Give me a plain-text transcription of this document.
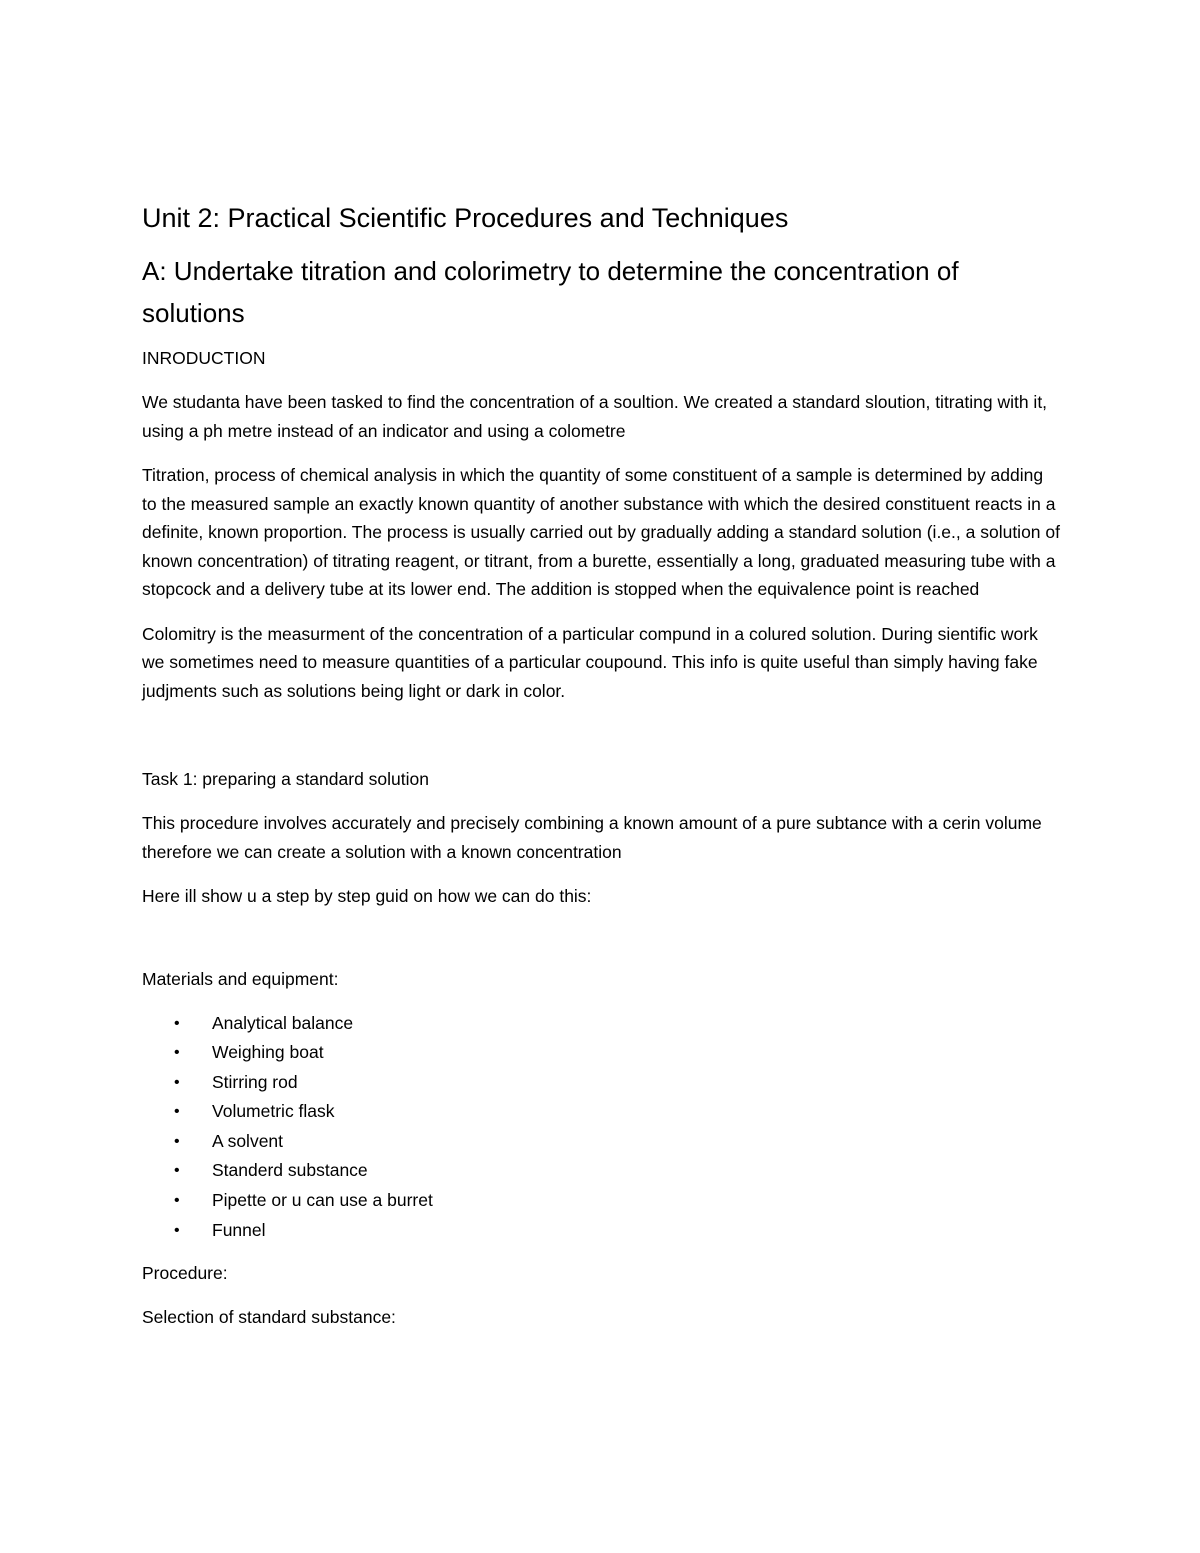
Unit 2: Practical Scientific Procedures and Techniques
A: Undertake titration and colorimetry to determine the concentration of solutions

INRODUCTION

We studanta have been tasked to find the concentration of a soultion. We created a standard sloution, titrating with it, using a ph metre instead of an indicator and using a colometre

Titration, process of chemical analysis in which the quantity of some constituent of a sample is determined by adding to the measured sample an exactly known quantity of another substance with which the desired constituent reacts in a definite, known proportion. The process is usually carried out by gradually adding a standard solution (i.e., a solution of known concentration) of titrating reagent, or titrant, from a burette, essentially a long, graduated measuring tube with a stopcock and a delivery tube at its lower end. The addition is stopped when the equivalence point is reached

Colomitry is the measurment of the concentration of a particular compund in a colured solution. During sientific work we sometimes need to measure quantities of a particular coupound. This info is quite useful than simply having fake judjments such as solutions being light or dark in color.

Task 1: preparing a standard solution

This procedure involves accurately and precisely combining a known amount of a pure subtance with a cerin volume therefore we can create a solution with a known concentration

Here ill show u a step by step guid on how we can do this:

Materials and equipment:

• Analytical balance
• Weighing boat
• Stirring rod
• Volumetric flask
• A solvent
• Standerd substance
• Pipette or u can use a burret
• Funnel

Procedure:

Selection of standard substance:
